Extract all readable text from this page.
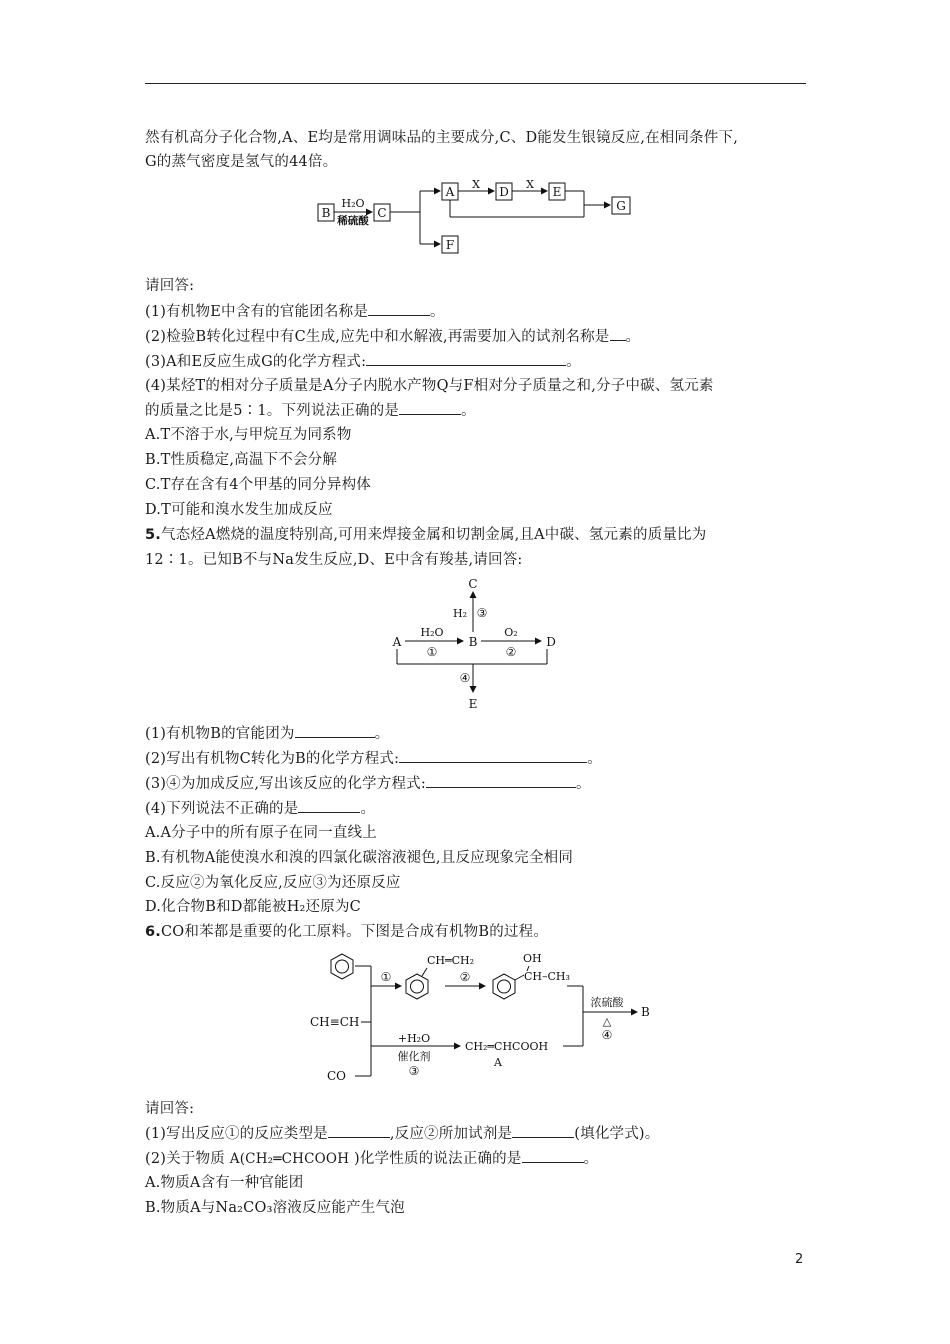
然有机高分子化合物,A、E均是常用调味品的主要成分,C、D能发生银镜反应,在相同条件下,
G的蒸气密度是氢气的44倍。
B	C
A	D	E
F
G
H₂O
稀硫酸
X	X
请回答:
(1)有机物E中含有的官能团名称是	。
(2)检验B转化过程中有C生成,应先中和水解液,再需要加入的试剂名称是 。
(3)A和E反应生成G的化学方程式:	。
(4)某烃T的相对分子质量是A分子内脱水产物Q与F相对分子质量之和,分子中碳、氢元素
的质量之比是5∶1。下列说法正确的是	。
A.T不溶于水,与甲烷互为同系物
B.T性质稳定,高温下不会分解
C.T存在含有4个甲基的同分异构体
D.T可能和溴水发生加成反应
5.气态烃A燃烧的温度特别高,可用来焊接金属和切割金属,且A中碳、氢元素的质量比为
12∶1。已知B不与Na发生反应,D、E中含有羧基,请回答:
C
A	B	D
E
H₂O
①
O₂
②
H₂ ③
④
(1)有机物B的官能团为	。
(2)写出有机物C转化为B的化学方程式:	。
(3)④为加成反应,写出该反应的化学方程式:	。
(4)下列说法不正确的是	。
A.A分子中的所有原子在同一直线上
B.有机物A能使溴水和溴的四氯化碳溶液褪色,且反应现象完全相同
C.反应②为氧化反应,反应③为还原反应
D.化合物B和D都能被H₂还原为C
6.CO和苯都是重要的化工原料。下图是合成有机物B的过程。
CH≡CH
CO
①
CH═CH₂
②
OH
CH–CH₃
+H₂O
催化剂
③
CH₂═CHCOOH
A
浓硫酸
△
④
B
请回答:
(1)写出反应①的反应类型是	,反应②所加试剂是	(填化学式)。
(2)关于物质 A(CH₂═CHCOOH )化学性质的说法正确的是	。
A.物质A含有一种官能团
B.物质A与Na₂CO₃溶液反应能产生气泡
2
